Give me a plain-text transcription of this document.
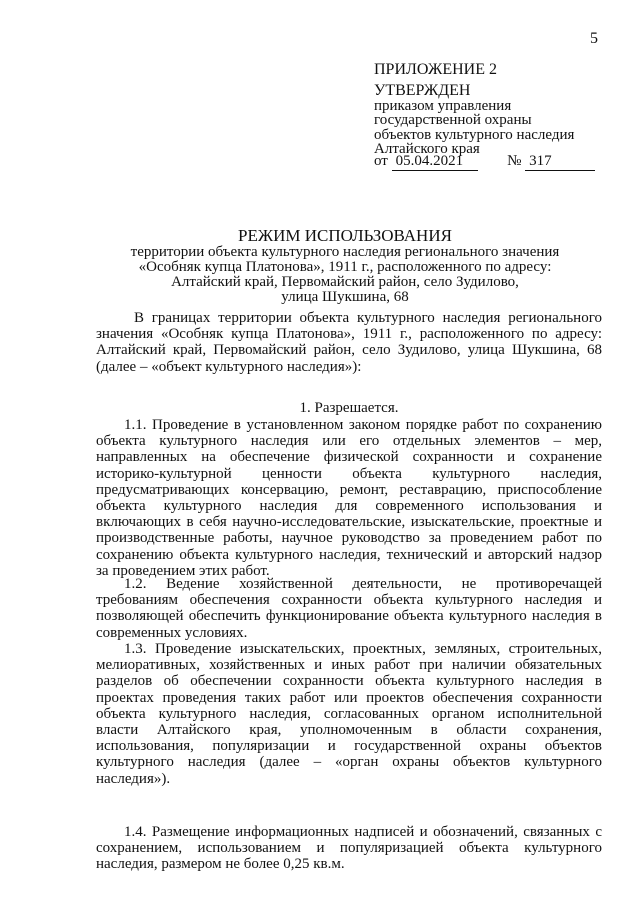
5
ПРИЛОЖЕНИЕ 2
УТВЕРЖДЕН
приказом управления
государственной охраны
объектов культурного наследия
Алтайского края
от 05.04.2021	№ 317
РЕЖИМ ИСПОЛЬЗОВАНИЯ
территории объекта культурного наследия регионального значения
«Особняк купца Платонова», 1911 г., расположенного по адресу:
Алтайский край, Первомайский район, село Зудилово,
улица Шукшина, 68

В границах территории объекта культурного наследия регионального значения «Особняк купца Платонова», 1911 г., расположенного по адресу: Алтайский край, Первомайский район, село Зудилово, улица Шукшина, 68 (далее – «объект культурного наследия»):

1. Разрешается.

1.1. Проведение в установленном законом порядке работ по сохранению объекта культурного наследия или его отдельных элементов – мер, направленных на обеспечение физической сохранности и сохранение историко-культурной ценности объекта культурного наследия, предусматривающих консервацию, ремонт, реставрацию, приспособление объекта культурного наследия для современного использования и включающих в себя научно-исследовательские, изыскательские, проектные и производственные работы, научное руководство за проведением работ по сохранению объекта культурного наследия, технический и авторский надзор за проведением этих работ.

1.2. Ведение хозяйственной деятельности, не противоречащей требованиям обеспечения сохранности объекта культурного наследия и позволяющей обеспечить функционирование объекта культурного наследия в современных условиях.

1.3. Проведение изыскательских, проектных, земляных, строительных, мелиоративных, хозяйственных и иных работ при наличии обязательных разделов об обеспечении сохранности объекта культурного наследия в проектах проведения таких работ или проектов обеспечения сохранности объекта культурного наследия, согласованных органом исполнительной власти Алтайского края, уполномоченным в области сохранения, использования, популяризации и государственной охраны объектов культурного наследия (далее – «орган охраны объектов культурного наследия»).

1.4. Размещение информационных надписей и обозначений, связанных с сохранением, использованием и популяризацией объекта культурного наследия, размером не более 0,25 кв.м.
